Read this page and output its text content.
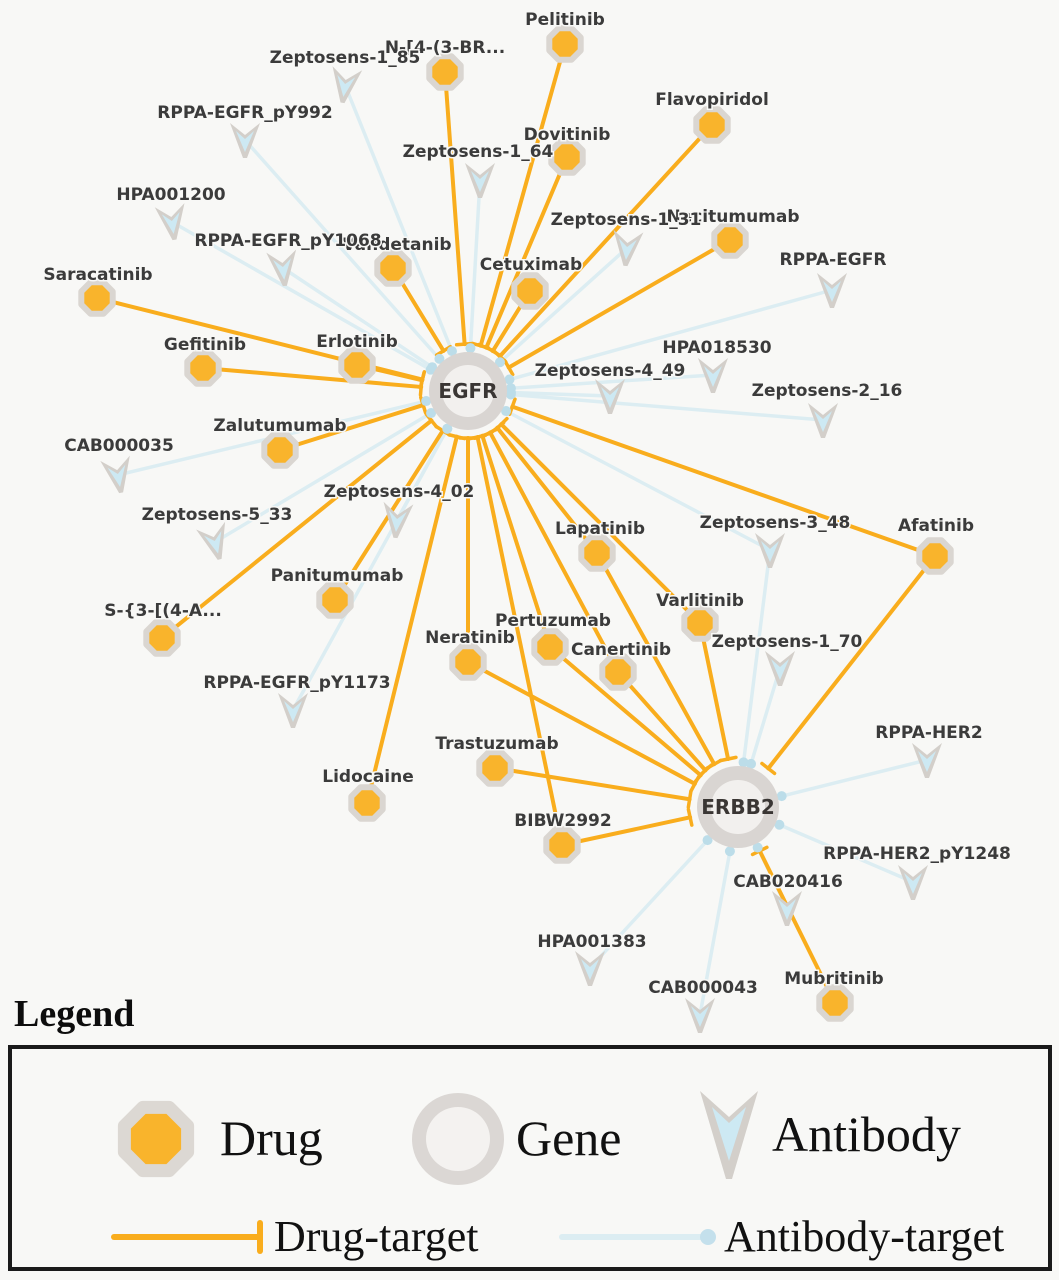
EGFR
ERBB2
Pelitinib
N-[4-(3-BR...
Dovitinib
Flavopiridol
Necitumumab
Cetuximab
Vandetanib
Saracatinib
Gefitinib	Erlotinib
Zalutumumab
Panitumumab
S-{3-[(4-A...
Lapatinib	Afatinib
Varlitinib
Pertuzumab
Neratinib
Canertinib
Lidocaine
Trastuzumab
BIBW2992
Mubritinib
Zeptosens-1_85
RPPA-EGFR_pY992
Zeptosens-1_64
HPA001200
RPPA-EGFR_pY1068
Zeptosens-1_31
RPPA-EGFR
HPA018530
Zeptosens-4_49
Zeptosens-2_16
CAB000035
Zeptosens-5_33
Zeptosens-4_02
RPPA-EGFR_pY1173
Zeptosens-3_48
Zeptosens-1_70
RPPA-HER2
RPPA-HER2_pY1248
CAB020416
HPA001383
CAB000043
Legend
Drug	Gene	Antibody
Drug-target	Antibody-target
